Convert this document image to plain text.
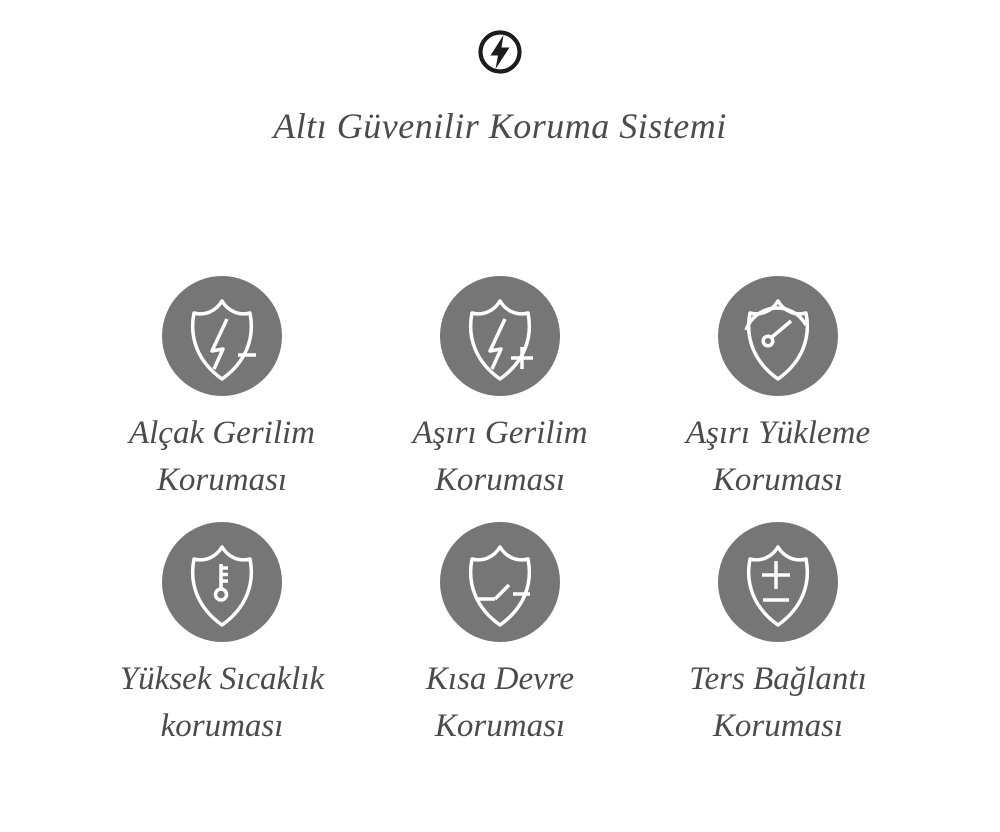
Altı Güvenilir Koruma Sistemi
Alçak Gerilim
Koruması
Aşırı Gerilim
Koruması
Aşırı Yükleme
Koruması
Yüksek Sıcaklık
koruması
Kısa Devre
Koruması
Ters Bağlantı
Koruması
